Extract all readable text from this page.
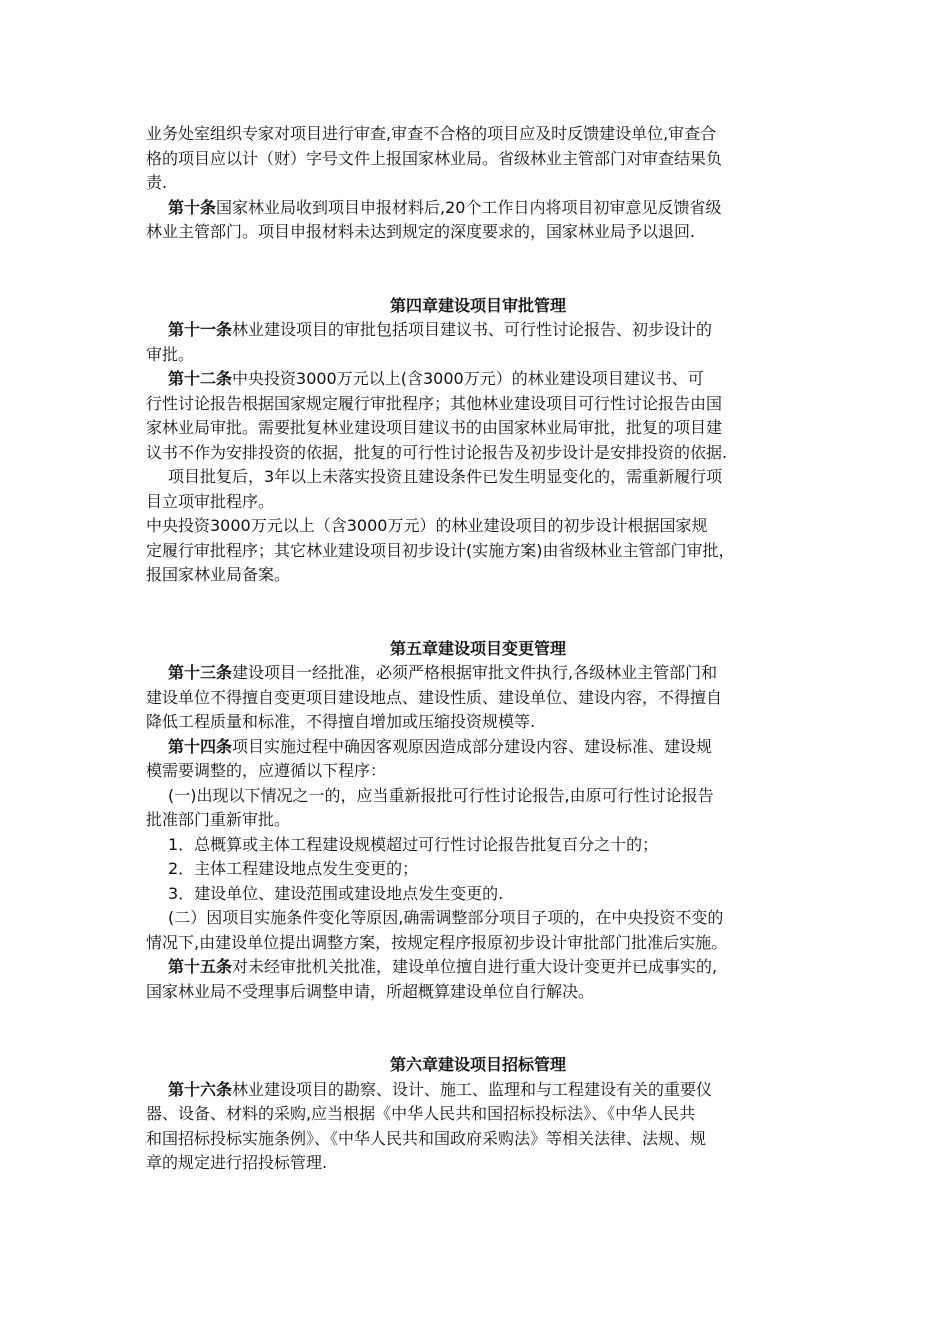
业务处室组织专家对项目进行审查,审查不合格的项目应及时反馈建设单位,审查合
格的项目应以计（财）字号文件上报国家林业局。省级林业主管部门对审查结果负
责.
第十条国家林业局收到项目申报材料后,20个工作日内将项目初审意见反馈省级
林业主管部门。项目申报材料未达到规定的深度要求的，国家林业局予以退回.
第四章建设项目审批管理
第十一条林业建设项目的审批包括项目建议书、可行性讨论报告、初步设计的
审批。
第十二条中央投资3000万元以上(含3000万元）的林业建设项目建议书、可
行性讨论报告根据国家规定履行审批程序；其他林业建设项目可行性讨论报告由国
家林业局审批。需要批复林业建设项目建议书的由国家林业局审批，批复的项目建
议书不作为安排投资的依据，批复的可行性讨论报告及初步设计是安排投资的依据.
项目批复后，3年以上未落实投资且建设条件已发生明显变化的，需重新履行项
目立项审批程序。
中央投资3000万元以上（含3000万元）的林业建设项目的初步设计根据国家规
定履行审批程序；其它林业建设项目初步设计(实施方案)由省级林业主管部门审批，
报国家林业局备案。
第五章建设项目变更管理
第十三条建设项目一经批准，必须严格根据审批文件执行,各级林业主管部门和
建设单位不得擅自变更项目建设地点、建设性质、建设单位、建设内容，不得擅自
降低工程质量和标准，不得擅自增加或压缩投资规模等.
第十四条项目实施过程中确因客观原因造成部分建设内容、建设标准、建设规
模需要调整的，应遵循以下程序：
(一)出现以下情况之一的，应当重新报批可行性讨论报告,由原可行性讨论报告
批准部门重新审批。
1．总概算或主体工程建设规模超过可行性讨论报告批复百分之十的；
2．主体工程建设地点发生变更的；
3．建设单位、建设范围或建设地点发生变更的.
(二）因项目实施条件变化等原因,确需调整部分项目子项的，在中央投资不变的
情况下,由建设单位提出调整方案，按规定程序报原初步设计审批部门批准后实施。
第十五条对未经审批机关批准，建设单位擅自进行重大设计变更并已成事实的,
国家林业局不受理事后调整申请，所超概算建设单位自行解决。
第六章建设项目招标管理
第十六条林业建设项目的勘察、设计、施工、监理和与工程建设有关的重要仪
器、设备、材料的采购,应当根据《中华人民共和国招标投标法》、《中华人民共
和国招标投标实施条例》、《中华人民共和国政府采购法》等相关法律、法规、规
章的规定进行招投标管理.
